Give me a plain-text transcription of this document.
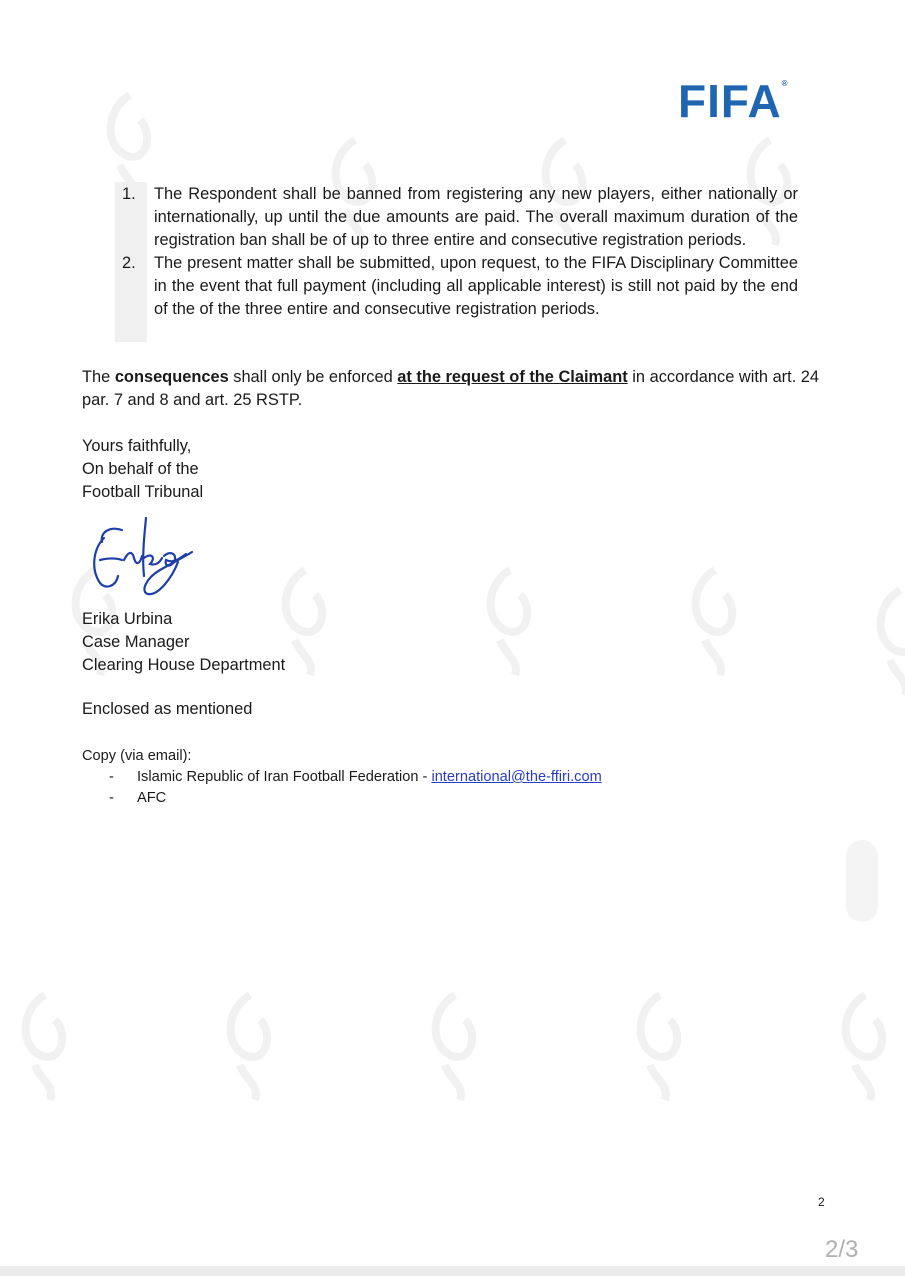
FIFA®
1. The Respondent shall be banned from registering any new players, either nationally or internationally, up until the due amounts are paid. The overall maximum duration of the registration ban shall be of up to three entire and consecutive registration periods.
2. The present matter shall be submitted, upon request, to the FIFA Disciplinary Committee in the event that full payment (including all applicable interest) is still not paid by the end of the of the three entire and consecutive registration periods.

The consequences shall only be enforced at the request of the Claimant in accordance with art. 24 par. 7 and 8 and art. 25 RSTP.

Yours faithfully,
On behalf of the
Football Tribunal
Erika Urbina
Case Manager
Clearing House Department
Enclosed as mentioned
Copy (via email):
- Islamic Republic of Iran Football Federation - international@the-ffiri.com
- AFC
2
2/3
